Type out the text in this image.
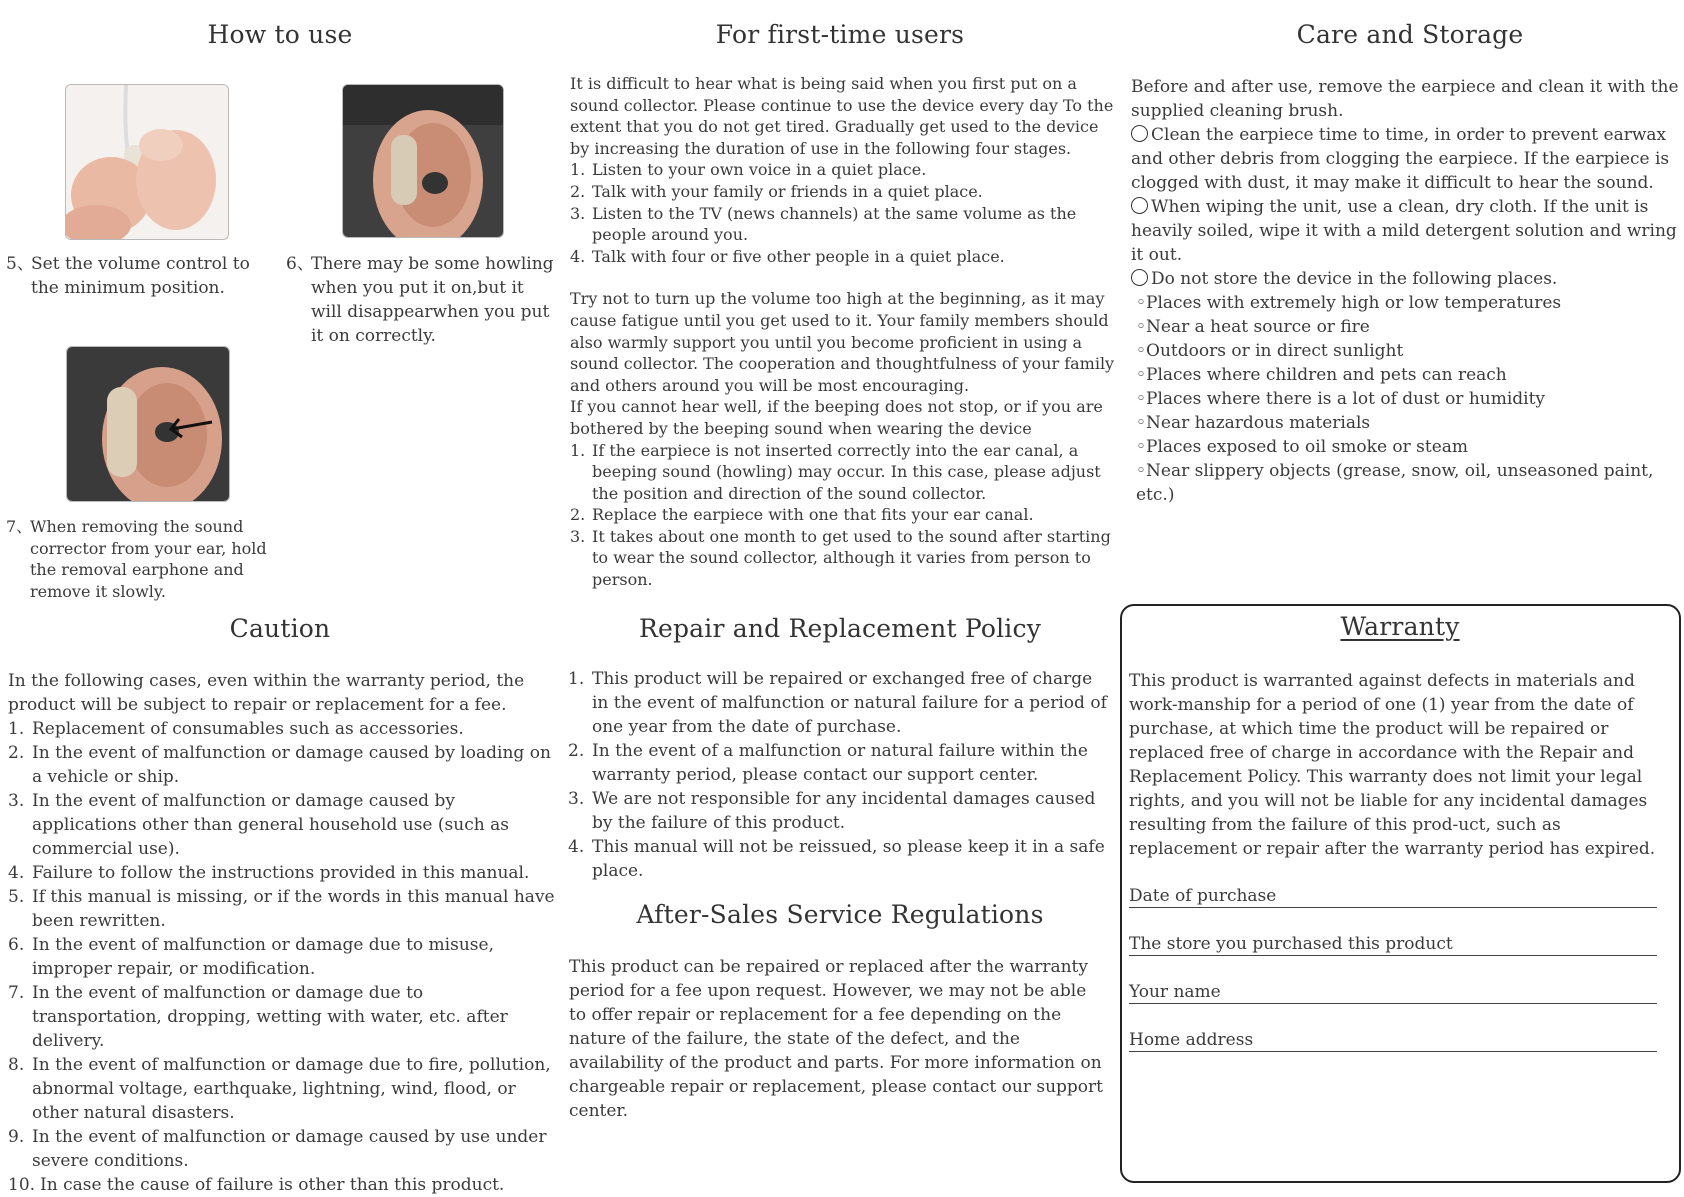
How to use
5、
Set the volume control to the minimum position.
6、
There may be some howling when you put it on,but it will disappearwhen you put it on correctly.
7、
When removing the sound corrector from your ear, hold the removal earphone and remove it slowly.
For first-time users

It is difficult to hear what is being said when you first put on a sound collector. Please continue to use the device every day To the extent that you do not get tired. Gradually get used to the device by increasing the duration of use in the following four stages.

1. Listen to your own voice in a quiet place.
2. Talk with your family or friends in a quiet place.
3. Listen to the TV (news channels) at the same volume as the people around you.
4. Talk with four or five other people in a quiet place.

Try not to turn up the volume too high at the beginning, as it may cause fatigue until you get used to it. Your family members should also warmly support you until you become proficient in using a sound collector. The cooperation and thoughtfulness of your family and others around you will be most encouraging.

If you cannot hear well, if the beeping does not stop, or if you are bothered by the beeping sound when wearing the device

1. If the earpiece is not inserted correctly into the ear canal, a beeping sound (howling) may occur. In this case, please adjust the position and direction of the sound collector.
2. Replace the earpiece with one that fits your ear canal.
3. It takes about one month to get used to the sound after starting to wear the sound collector, although it varies from person to person.
Care and Storage

Before and after use, remove the earpiece and clean it with the supplied cleaning brush.

Clean the earpiece time to time, in order to prevent earwax and other debris from clogging the earpiece. If the earpiece is clogged with dust, it may make it difficult to hear the sound.

When wiping the unit, use a clean, dry cloth. If the unit is heavily soiled, wipe it with a mild detergent solution and wring it out.

Do not store the device in the following places.

◦Places with extremely high or low temperatures

◦Near a heat source or fire

◦Outdoors or in direct sunlight

◦Places where children and pets can reach

◦Places where there is a lot of dust or humidity

◦Near hazardous materials

◦Places exposed to oil smoke or steam

◦Near slippery objects (grease, snow, oil, unseasoned paint, etc.)

Caution

In the following cases, even within the warranty period, the product will be subject to repair or replacement for a fee.

1. Replacement of consumables such as accessories.
2. In the event of malfunction or damage caused by loading on a vehicle or ship.
3. In the event of malfunction or damage caused by applications other than general household use (such as commercial use).
4. Failure to follow the instructions provided in this manual.
5. If this manual is missing, or if the words in this manual have been rewritten.
6. In the event of malfunction or damage due to misuse, improper repair, or modification.
7. In the event of malfunction or damage due to transportation, dropping, wetting with water, etc. after delivery.
8. In the event of malfunction or damage due to fire, pollution, abnormal voltage, earthquake, lightning, wind, flood, or other natural disasters.
9. In the event of malfunction or damage caused by use under severe conditions.
10. In case the cause of failure is other than this product.
Repair and Replacement Policy
1. This product will be repaired or exchanged free of charge in the event of malfunction or natural failure for a period of one year from the date of purchase.
2. In the event of a malfunction or natural failure within the warranty period, please contact our support center.
3. We are not responsible for any incidental damages caused by the failure of this product.
4. This manual will not be reissued, so please keep it in a safe place.
After-Sales Service Regulations
This product can be repaired or replaced after the warranty period for a fee upon request. However, we may not be able to offer repair or replacement for a fee depending on the nature of the failure, the state of the defect, and the availability of the product and parts. For more information on chargeable repair or replacement, please contact our support center.
Warranty
This product is warranted against defects in materials and work-manship for a period of one (1) year from the date of purchase, at which time the product will be repaired or replaced free of charge in accordance with the Repair and Replacement Policy. This warranty does not limit your legal rights, and you will not be liable for any incidental damages resulting from the failure of this prod-uct, such as replacement or repair after the warranty period has expired.
Date of purchase
The store you purchased this product
Your name
Home address
